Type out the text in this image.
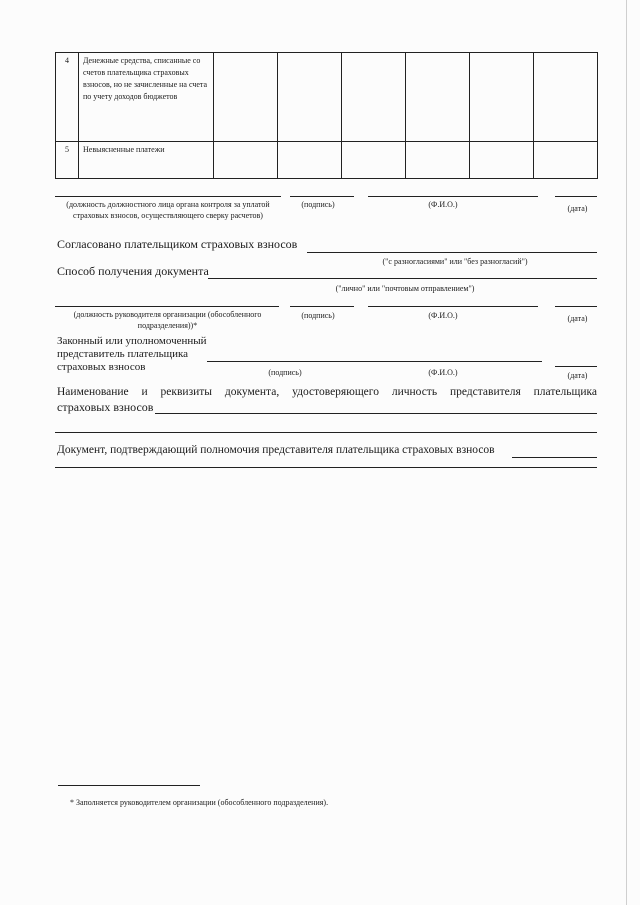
4	Денежные средства, списанные со счетов плательщика страховых взносов, но не зачисленные на счета по учету доходов бюджетов						
5	Невыясненные платежи						
(должность должностного лица органа контроля за уплатой страховых взносов, осуществляющего сверку расчетов)
(подпись)	(Ф.И.О.)	(дата)
Согласовано плательщиком страховых взносов
("с разногласиями" или "без разногласий")
Способ получения документа
("лично" или "почтовым отправлением")
(должность руководителя организации (обособленного подразделения))*
(подпись)	(Ф.И.О.)	(дата)
Законный или уполномоченный
представитель плательщика
страховых взносов	(подпись)	(Ф.И.О.)	(дата)
Наименование и реквизиты документа, удостоверяющего личность представителя плательщика
страховых взносов
Документ, подтверждающий полномочия представителя плательщика страховых взносов
* Заполняется руководителем организации (обособленного подразделения).
